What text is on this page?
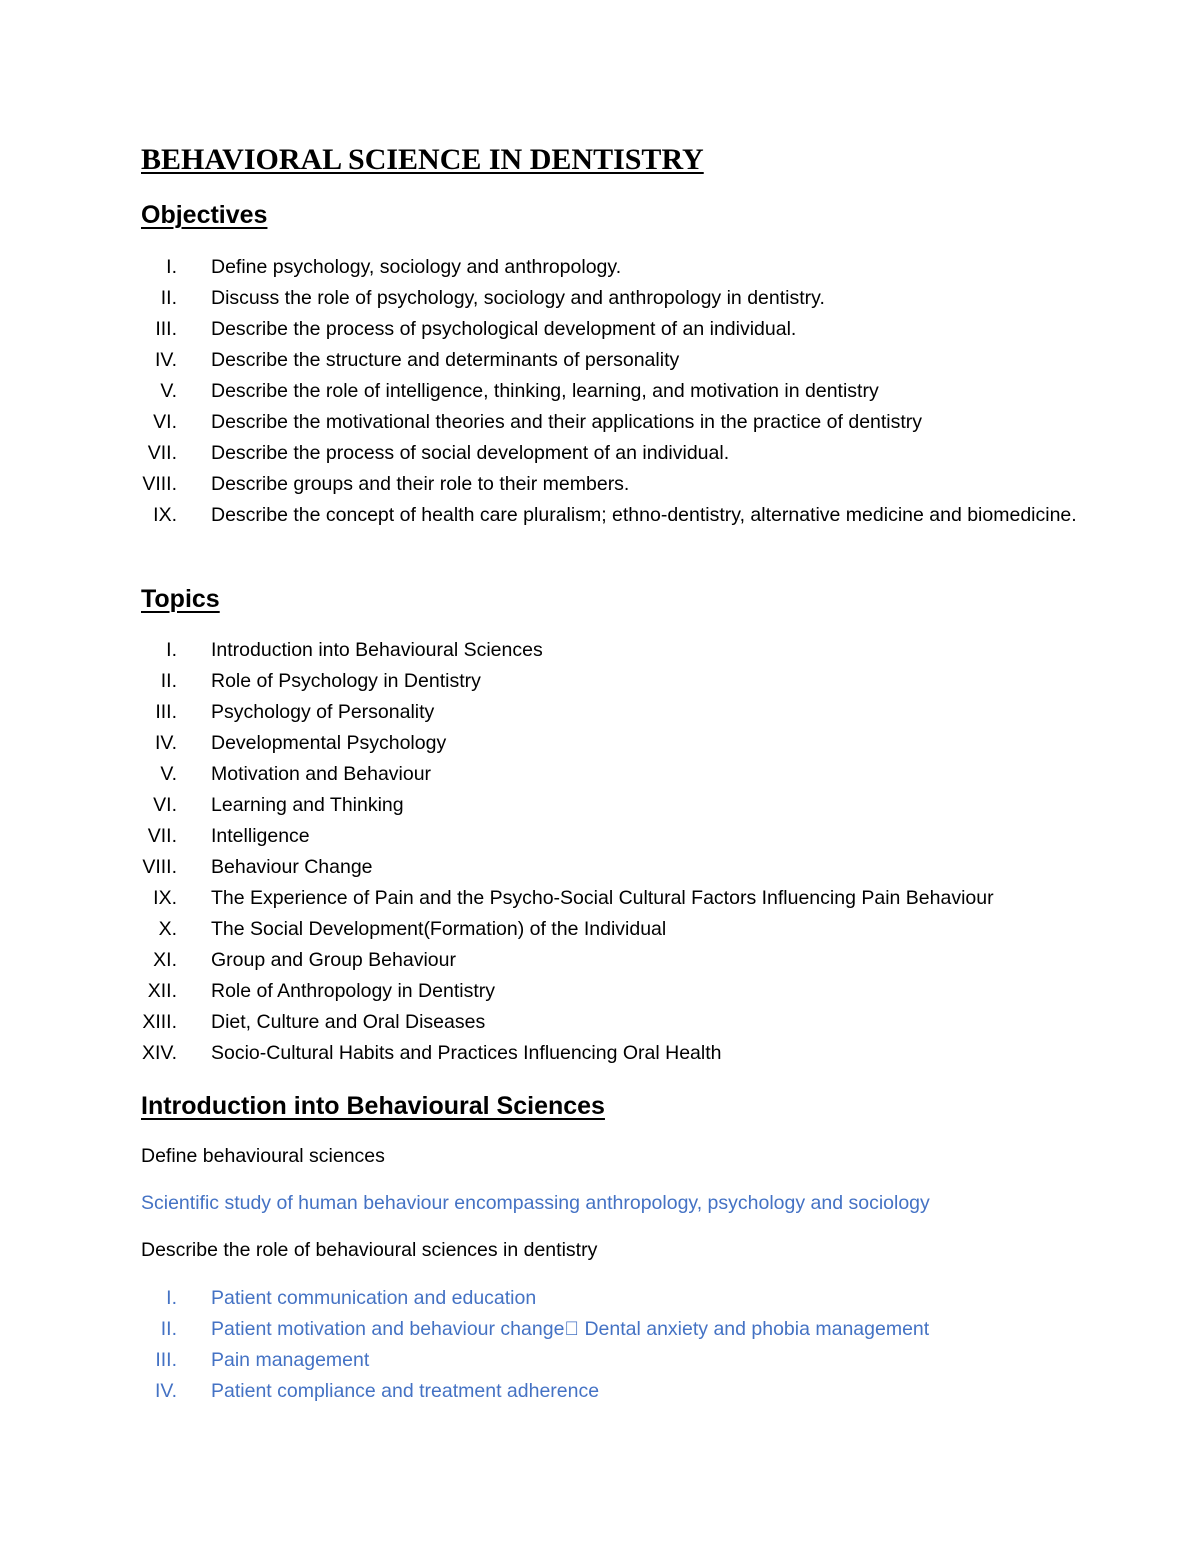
BEHAVIORAL SCIENCE IN DENTISTRY
Objectives
I. Define psychology, sociology and anthropology.
II. Discuss the role of psychology, sociology and anthropology in dentistry.
III. Describe the process of psychological development of an individual.
IV. Describe the structure and determinants of personality
V. Describe the role of intelligence, thinking, learning, and motivation in dentistry
VI. Describe the motivational theories and their applications in the practice of dentistry
VII. Describe the process of social development of an individual.
VIII. Describe groups and their role to their members.
IX. Describe the concept of health care pluralism; ethno-dentistry, alternative medicine and biomedicine.
Topics
I. Introduction into Behavioural Sciences
II. Role of Psychology in Dentistry
III. Psychology of Personality
IV. Developmental Psychology
V. Motivation and Behaviour
VI. Learning and Thinking
VII. Intelligence
VIII. Behaviour Change
IX. The Experience of Pain and the Psycho-Social Cultural Factors Influencing Pain Behaviour
X. The Social Development(Formation) of the Individual
XI. Group and Group Behaviour
XII. Role of Anthropology in Dentistry
XIII. Diet, Culture and Oral Diseases
XIV. Socio-Cultural Habits and Practices Influencing Oral Health
Introduction into Behavioural Sciences

Define behavioural sciences

Scientific study of human behaviour encompassing anthropology, psychology and sociology

Describe the role of behavioural sciences in dentistry

I. Patient communication and education
II. Patient motivation and behaviour change Dental anxiety and phobia management
III. Pain management
IV. Patient compliance and treatment adherence
